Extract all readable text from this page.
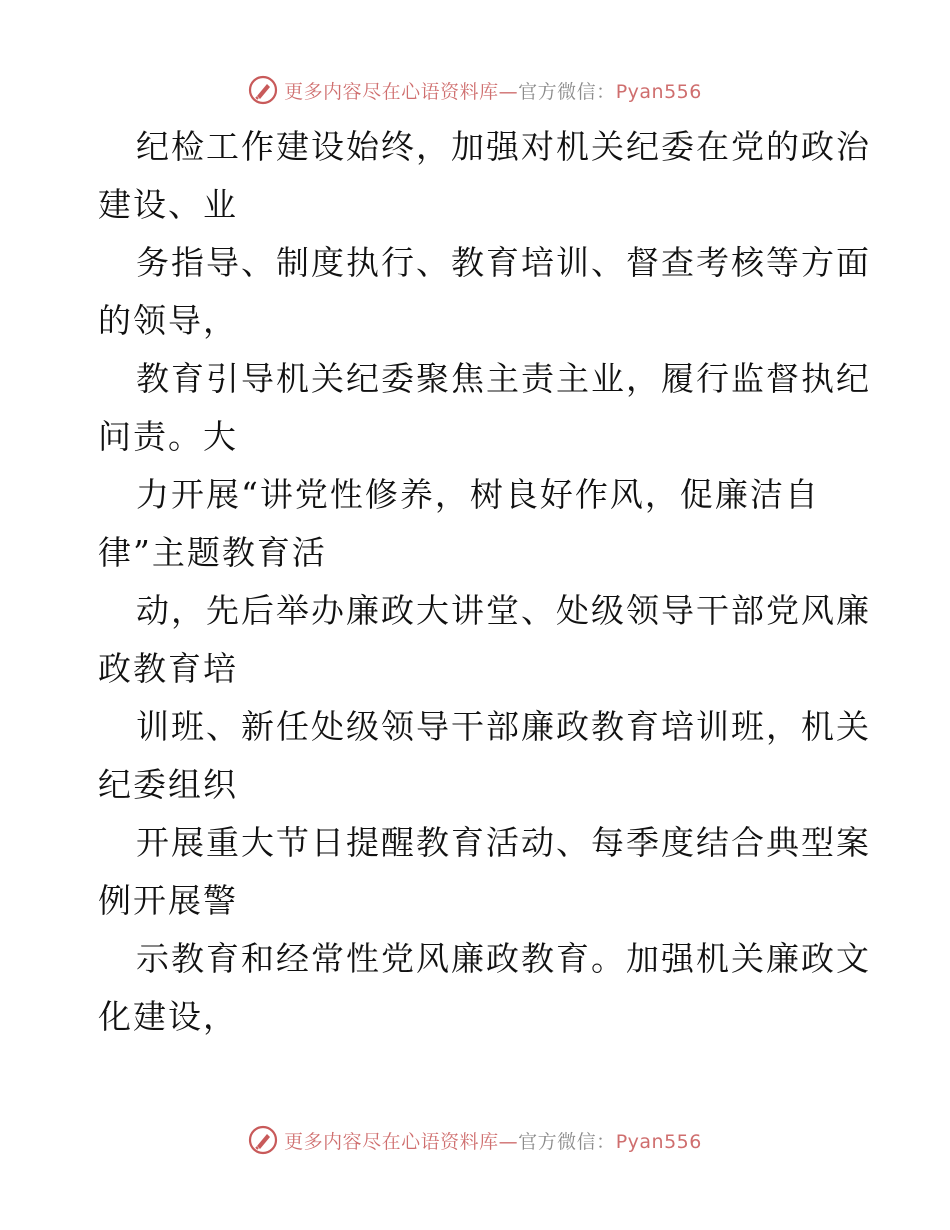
更多内容尽在心语资料库—官方微信：Pyan556
纪检工作建设始终，加强对机关纪委在党的政治
建设、业
务指导、制度执行、教育培训、督查考核等方面
的领导，
教育引导机关纪委聚焦主责主业，履行监督执纪
问责。大
力开展“讲党性修养，树良好作风，促廉洁自
律”主题教育活
动，先后举办廉政大讲堂、处级领导干部党风廉
政教育培
训班、新任处级领导干部廉政教育培训班，机关
纪委组织
开展重大节日提醒教育活动、每季度结合典型案
例开展警
示教育和经常性党风廉政教育。加强机关廉政文
化建设，
更多内容尽在心语资料库—官方微信：Pyan556
